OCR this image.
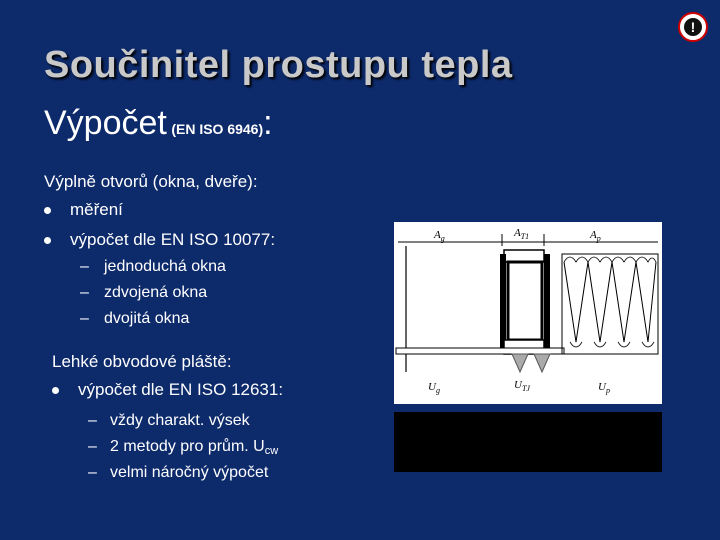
Součinitel prostupu tepla
Výpočet (EN ISO 6946):
!
Výplně otvorů (okna, dveře):
měření
výpočet dle EN ISO 10077:
– jednoduchá okna
– zdvojená okna
– dvojitá okna
Lehké obvodové pláště:
výpočet dle EN ISO 12631:
– vždy charakt. výsek
– 2 metody pro prům. $U_{cw}$
– velmi náročný výpočet
$A_g$	$A_{T1}$	$A_p$
$U_g$	$U_{TJ}$	$U_p$
